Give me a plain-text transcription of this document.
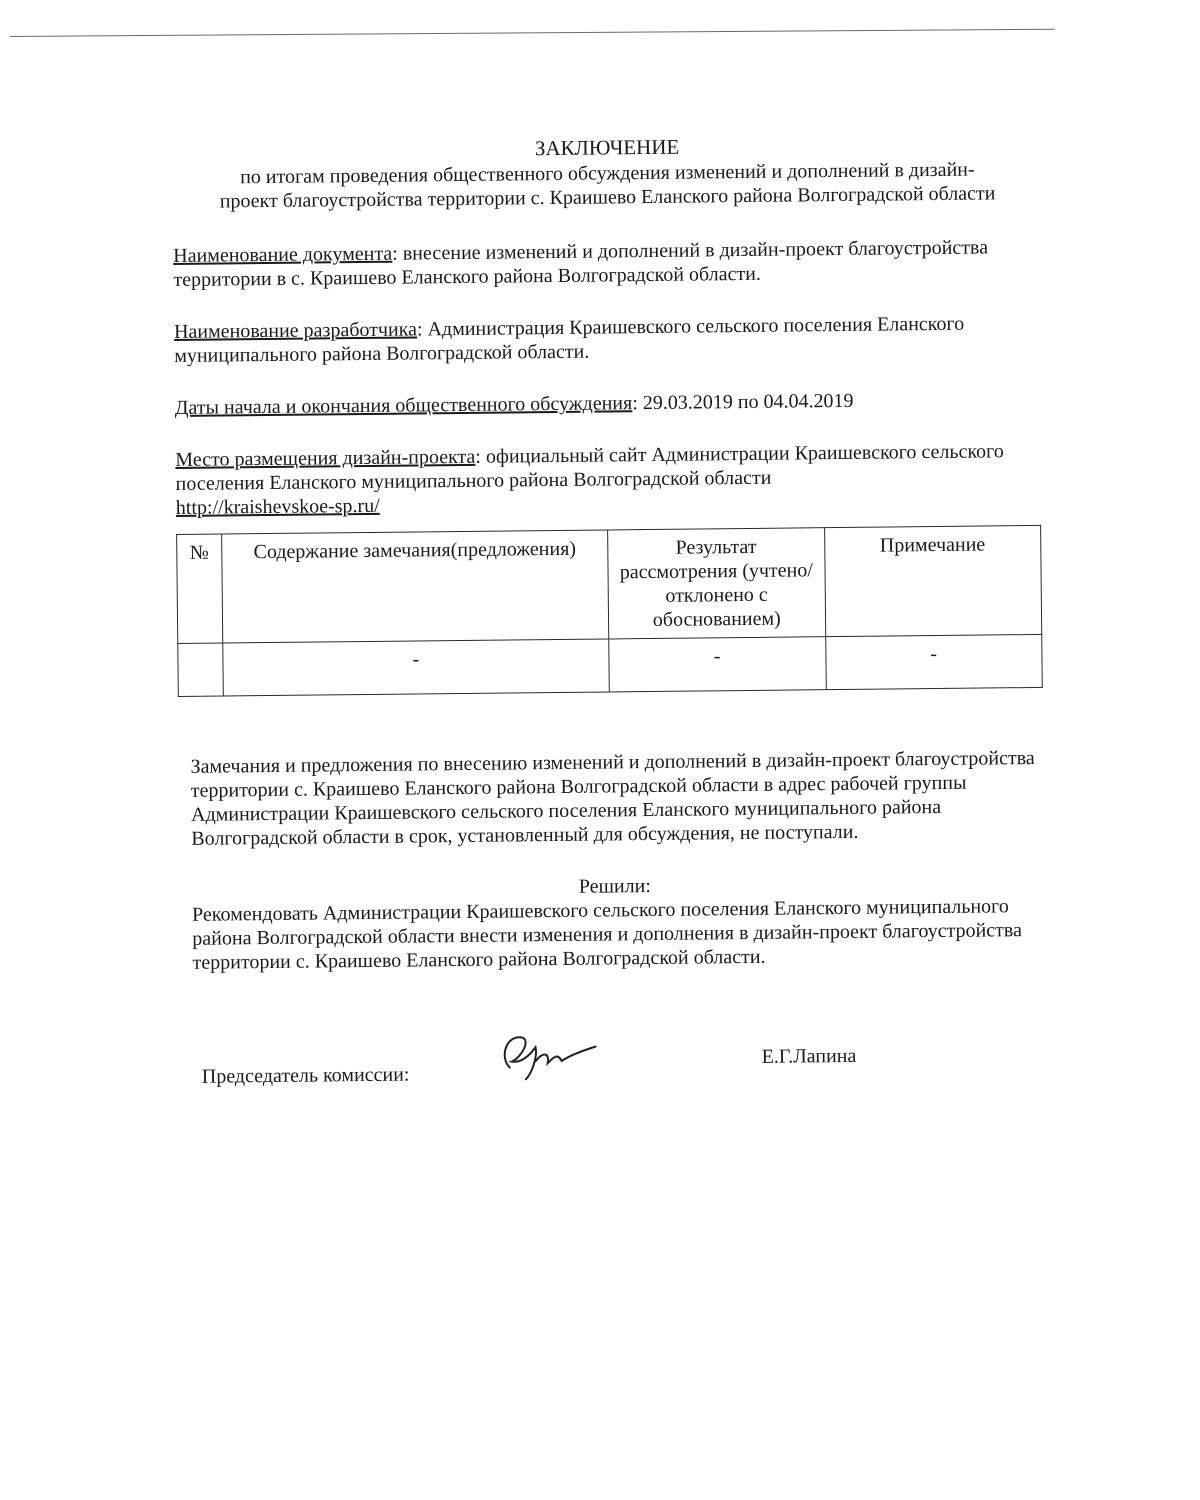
ЗАКЛЮЧЕНИЕ
по итогам проведения общественного обсуждения изменений и дополнений в дизайн-проект благоустройства территории с. Краишево Еланского района Волгоградской области
Наименование документа: внесение изменений и дополнений в дизайн-проект благоустройства территории в с. Краишево Еланского района Волгоградской области.
Наименование разработчика: Администрация Краишевского сельского поселения Еланского муниципального района Волгоградской области.
Даты начала и окончания общественного обсуждения: 29.03.2019 по 04.04.2019
Место размещения дизайн-проекта: официальный сайт Администрации Краишевского сельского поселения Еланского муниципального района Волгоградской области
http://kraishevskoe-sp.ru/
№	Содержание замечания(предложения)	Результат рассмотрения (учтено/ отклонено с обоснованием)	Примечание
	-	-	-
Замечания и предложения по внесению изменений и дополнений в дизайн-проект благоустройства территории с. Краишево Еланского района Волгоградской области в адрес рабочей группы Администрации Краишевского сельского поселения Еланского муниципального района Волгоградской области в срок, установленный для обсуждения, не поступали.
Решили:
Рекомендовать Администрации Краишевского сельского поселения Еланского муниципального района Волгоградской области внести изменения и дополнения в дизайн-проект благоустройства территории с. Краишево Еланского района Волгоградской области.
Председатель комиссии:
Е.Г.Лапина
